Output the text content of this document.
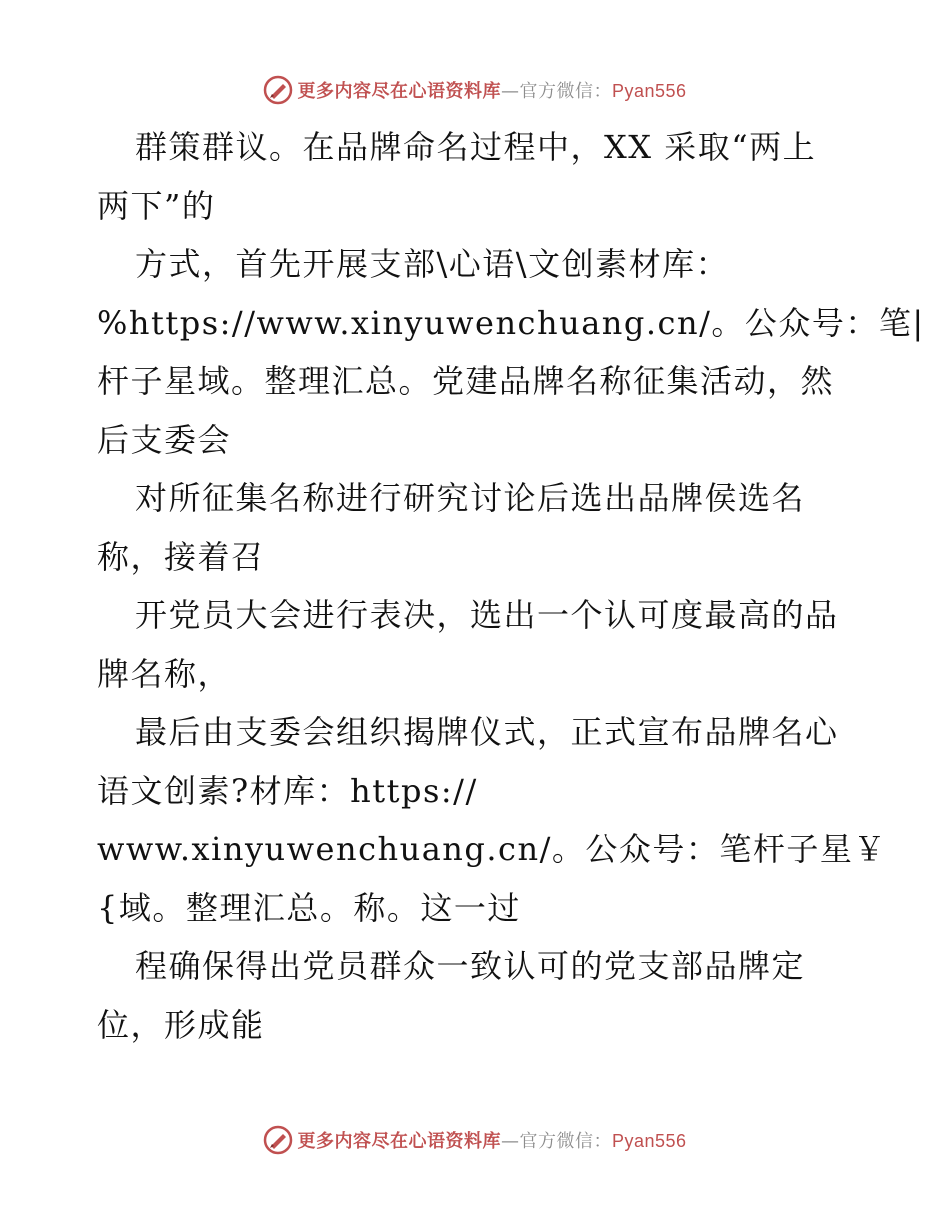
更多内容尽在心语资料库—官方微信：Pyan556
群策群议。在品牌命名过程中，XX 采取“两上
两下”的
方式，首先开展支部\心语\文创素材库：
%https://www.xinyuwenchuang.cn/。公众号：笔|
杆子星域。整理汇总。党建品牌名称征集活动，然
后支委会
对所征集名称进行研究讨论后选出品牌侯选名
称，接着召
开党员大会进行表决，选出一个认可度最高的品
牌名称，
最后由支委会组织揭牌仪式，正式宣布品牌名心
语文创素?材库：https://
www.xinyuwenchuang.cn/。公众号：笔杆子星￥
{域。整理汇总。称。这一过
程确保得出党员群众一致认可的党支部品牌定
位，形成能
更多内容尽在心语资料库—官方微信：Pyan556
